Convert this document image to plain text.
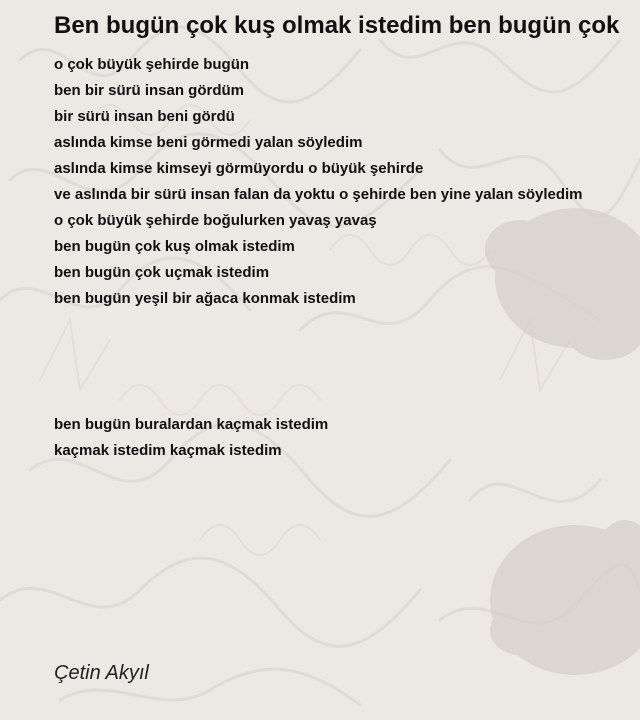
Ben bugün çok kuş olmak istedim ben bugün çok
o çok büyük şehirde bugün
ben bir sürü insan gördüm
bir sürü insan beni gördü
aslında kimse beni görmedi yalan söyledim
aslında kimse kimseyi görmüyordu o büyük şehirde
ve aslında bir sürü insan falan da yoktu o şehirde ben yine yalan söyledim
o çok büyük şehirde boğulurken yavaş yavaş
ben bugün çok kuş olmak istedim
ben bugün çok uçmak istedim
ben bugün yeşil bir ağaca konmak istedim
ben bugün buralardan kaçmak istedim
kaçmak istedim kaçmak istedim
Çetin Akyıl
